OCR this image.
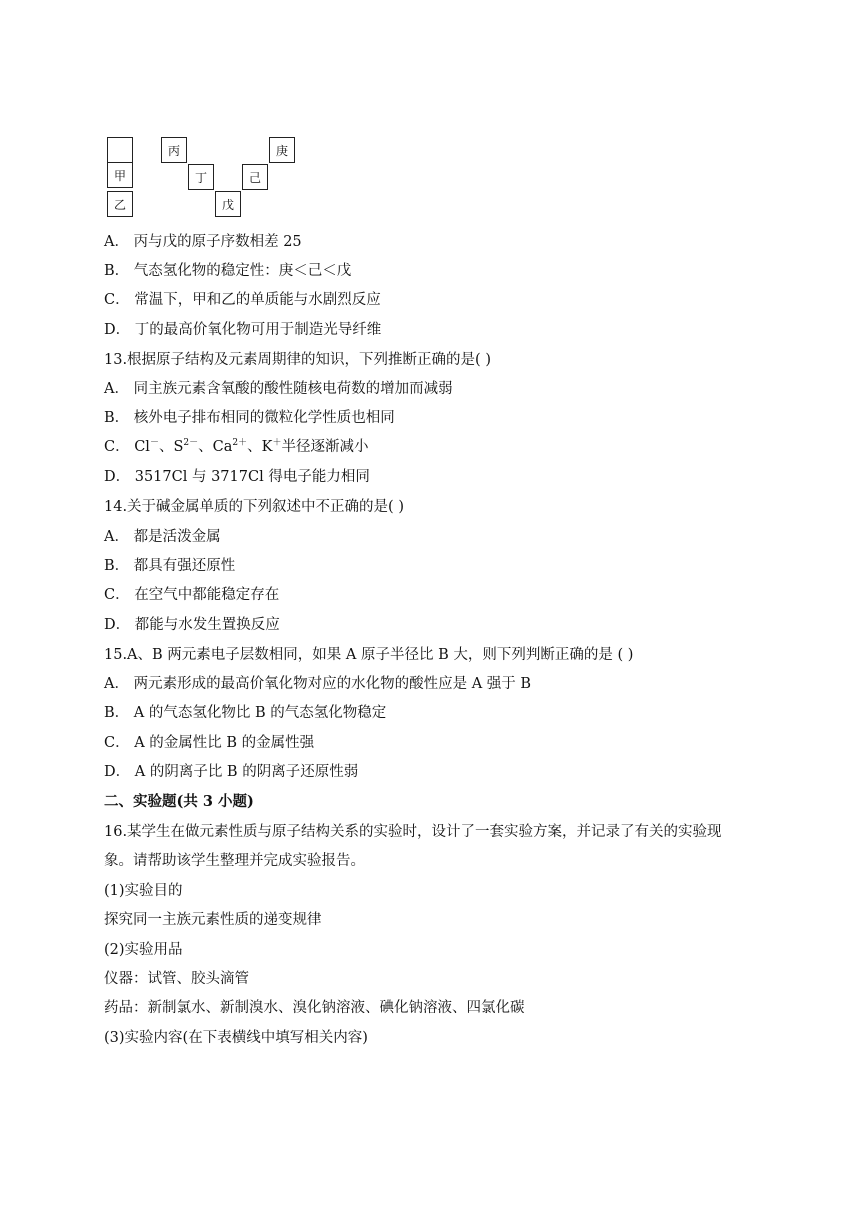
甲
乙
丙
丁
戊
己
庚
A． 丙与戊的原子序数相差 25
B． 气态氢化物的稳定性：庚＜己＜戊
C． 常温下，甲和乙的单质能与水剧烈反应
D． 丁的最高价氧化物可用于制造光导纤维
13.根据原子结构及元素周期律的知识，下列推断正确的是( )
A． 同主族元素含氧酸的酸性随核电荷数的增加而减弱
B． 核外电子排布相同的微粒化学性质也相同
C． Cl－、$S^{2-}$、$Ca^{2+}$、K＋半径逐渐减小
D． 3517Cl 与 3717Cl 得电子能力相同
14.关于碱金属单质的下列叙述中不正确的是( )
A． 都是活泼金属
B． 都具有强还原性
C． 在空气中都能稳定存在
D． 都能与水发生置换反应
15.A、B 两元素电子层数相同，如果 A 原子半径比 B 大，则下列判断正确的是 ( )
A． 两元素形成的最高价氧化物对应的水化物的酸性应是 A 强于 B
B． A 的气态氢化物比 B 的气态氢化物稳定
C． A 的金属性比 B 的金属性强
D． A 的阴离子比 B 的阴离子还原性弱
二、实验题(共 3 小题)
16.某学生在做元素性质与原子结构关系的实验时，设计了一套实验方案，并记录了有关的实验现
象。请帮助该学生整理并完成实验报告。
(1)实验目的
探究同一主族元素性质的递变规律
(2)实验用品
仪器：试管、胶头滴管
药品：新制氯水、新制溴水、溴化钠溶液、碘化钠溶液、四氯化碳
(3)实验内容(在下表横线中填写相关内容)
